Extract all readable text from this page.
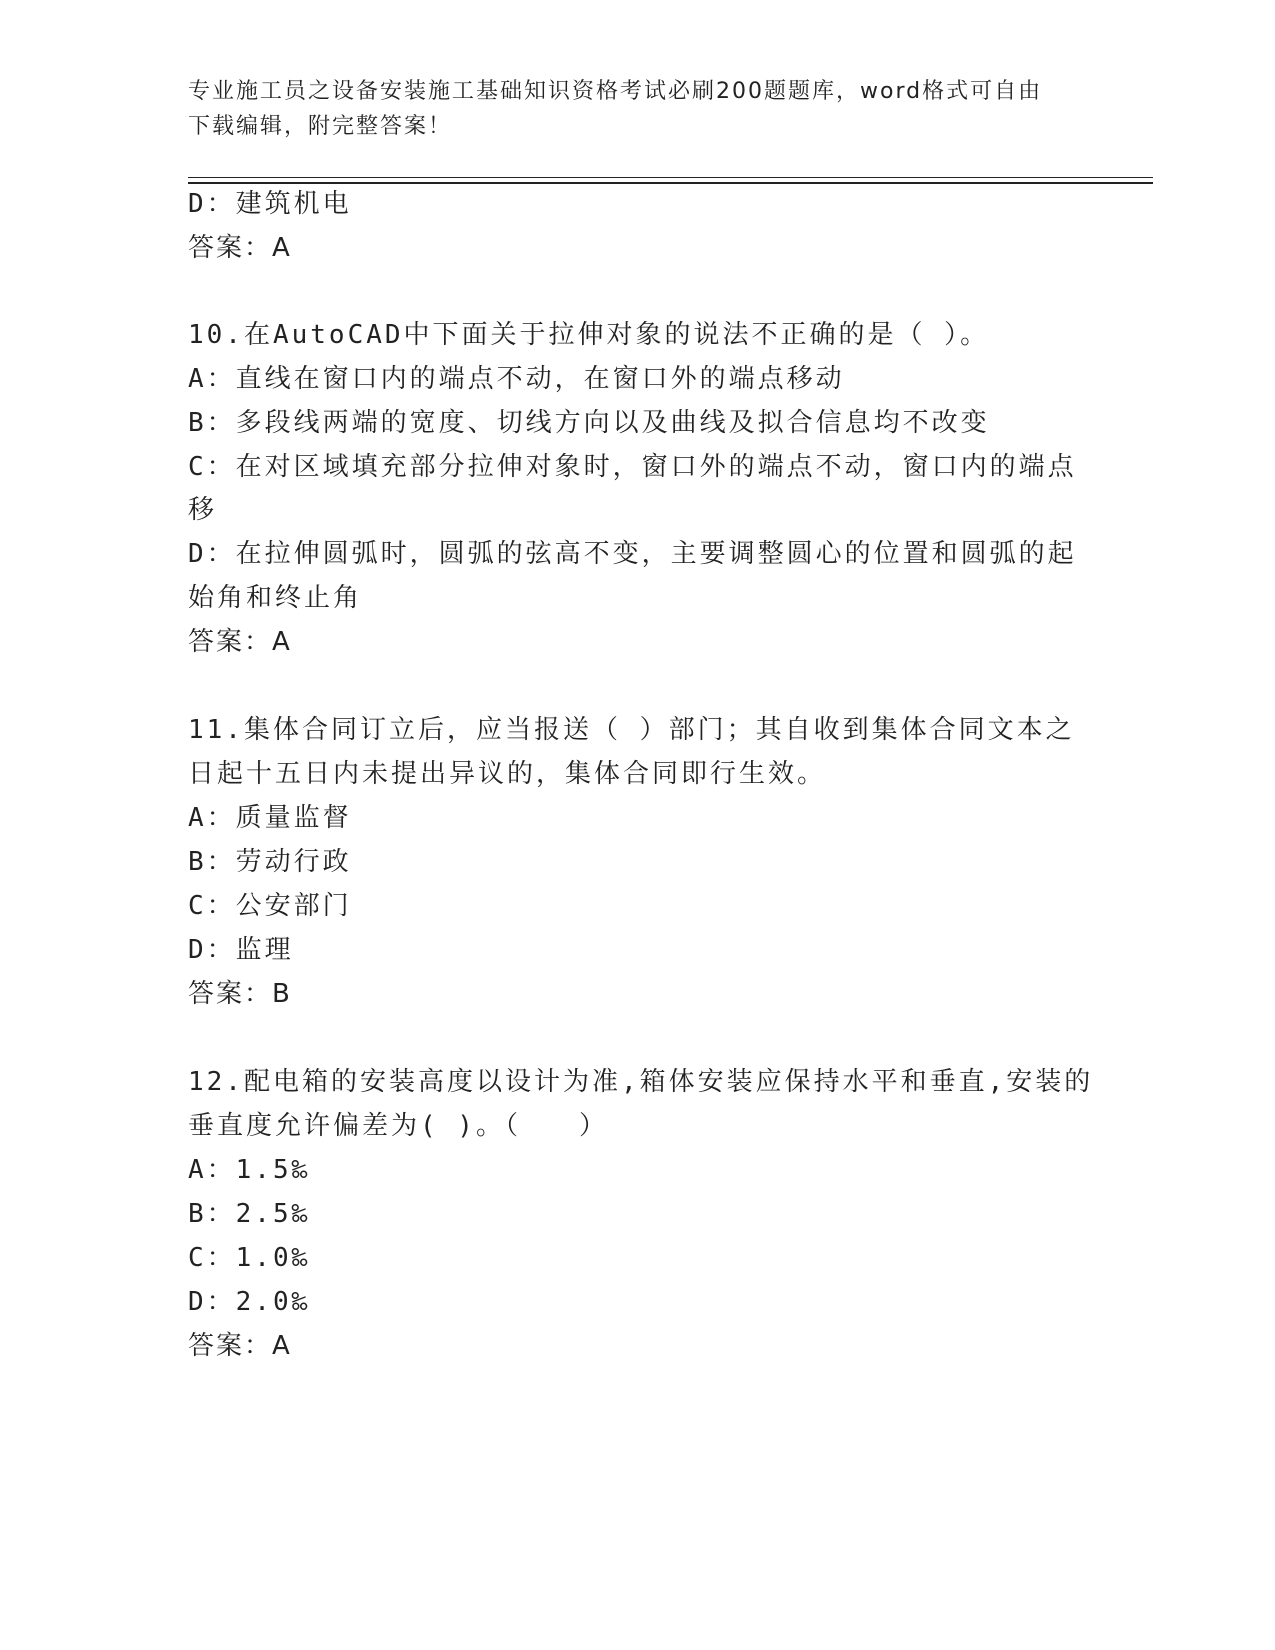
专业施工员之设备安装施工基础知识资格考试必刷200题题库，word格式可自由
下载编辑，附完整答案！
D：建筑机电
答案：A
10.在AutoCAD中下面关于拉伸对象的说法不正确的是（ ）。
A：直线在窗口内的端点不动，在窗口外的端点移动
B：多段线两端的宽度、切线方向以及曲线及拟合信息均不改变
C：在对区域填充部分拉伸对象时，窗口外的端点不动，窗口内的端点
移
D：在拉伸圆弧时，圆弧的弦高不变，主要调整圆心的位置和圆弧的起
始角和终止角
答案：A
11.集体合同订立后，应当报送（ ）部门；其自收到集体合同文本之
日起十五日内未提出异议的，集体合同即行生效。
A：质量监督
B：劳动行政
C：公安部门
D：监理
答案：B
12.配电箱的安装高度以设计为准,箱体安装应保持水平和垂直,安装的
垂直度允许偏差为( )。（　　）
A：1.5‰
B：2.5‰
C：1.0‰
D：2.0‰
答案：A
